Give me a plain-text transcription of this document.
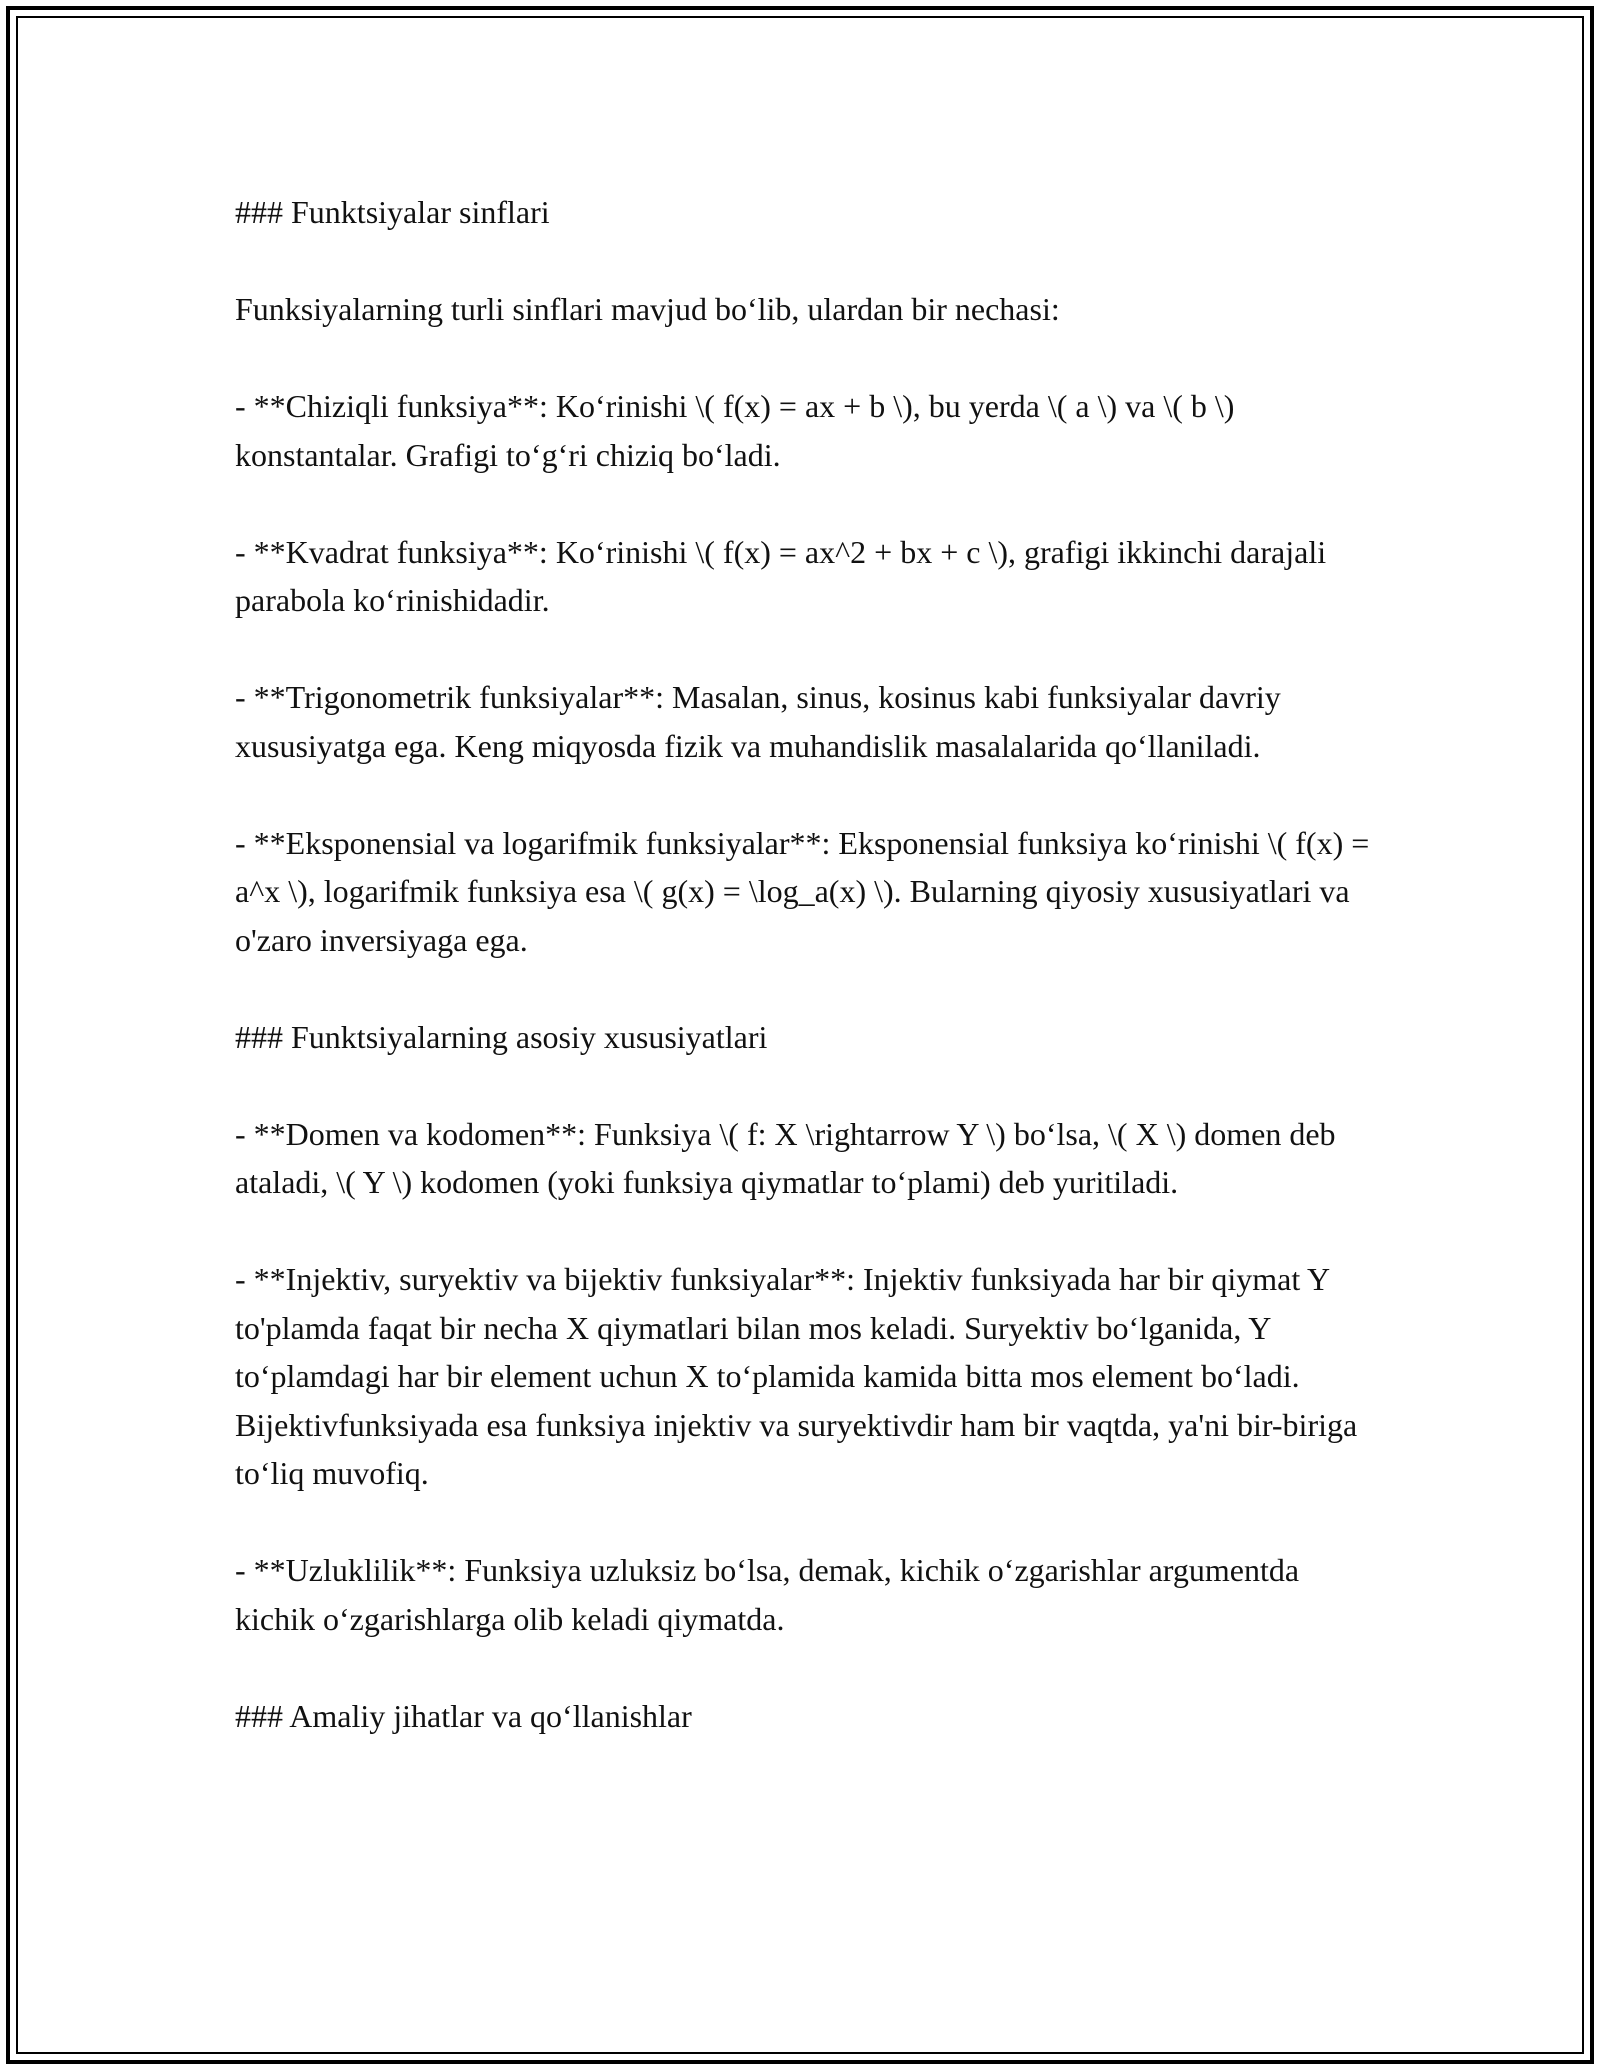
### Funktsiyalar sinflari

Funksiyalarning turli sinflari mavjud bo‘lib, ulardan bir nechasi:

- **Chiziqli funksiya**: Ko‘rinishi \( f(x) = ax + b \), bu yerda \( a \) va \( b \) konstantalar. Grafigi to‘g‘ri chiziq bo‘ladi.

- **Kvadrat funksiya**: Ko‘rinishi \( f(x) = ax^2 + bx + c \), grafigi ikkinchi darajali parabola ko‘rinishidadir.

- **Trigonometrik funksiyalar**: Masalan, sinus, kosinus kabi funksiyalar davriy xususiyatga ega. Keng miqyosda fizik va muhandislik masalalarida qo‘llaniladi.

- **Eksponensial va logarifmik funksiyalar**: Eksponensial funksiya ko‘rinishi \( f(x) = a^x \), logarifmik funksiya esa \( g(x) = \log_a(x) \). Bularning qiyosiy xususiyatlari va o'zaro inversiyaga ega.

### Funktsiyalarning asosiy xususiyatlari

- **Domen va kodomen**: Funksiya \( f: X \rightarrow Y \) bo‘lsa, \( X \) domen deb ataladi, \( Y \) kodomen (yoki funksiya qiymatlar to‘plami) deb yuritiladi.

- **Injektiv, suryektiv va bijektiv funksiyalar**: Injektiv funksiyada har bir qiymat Y to'plamda faqat bir necha X qiymatlari bilan mos keladi. Suryektiv bo‘lganida, Y to‘plamdagi har bir element uchun X to‘plamida kamida bitta mos element bo‘ladi. Bijektivfunksiyada esa funksiya injektiv va suryektivdir ham bir vaqtda, ya'ni bir-biriga to‘liq muvofiq.

- **Uzluklilik**: Funksiya uzluksiz bo‘lsa, demak, kichik o‘zgarishlar argumentda kichik o‘zgarishlarga olib keladi qiymatda.

### Amaliy jihatlar va qo‘llanishlar
